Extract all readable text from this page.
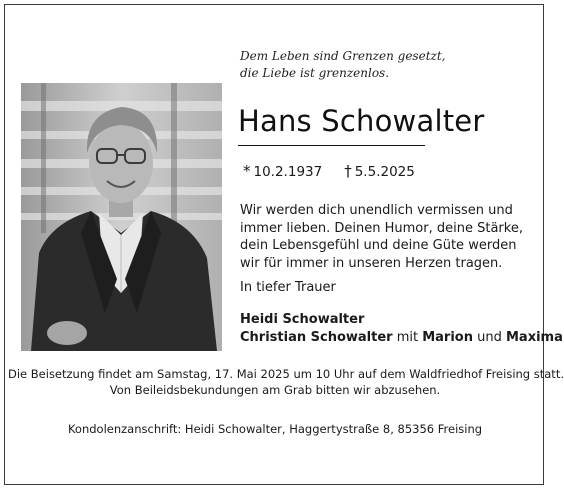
Dem Leben sind Grenzen gesetzt,
die Liebe ist grenzenlos.
Hans Schowalter
* 10.2.1937 † 5.5.2025
Wir werden dich unendlich vermissen und immer lieben. Deinen Humor, deine Stärke, dein Lebensgefühl und deine Güte werden wir für immer in unseren Herzen tragen.
In tiefer Trauer
Heidi Schowalter
Christian Schowalter mit Marion und Maxima
Die Beisetzung findet am Samstag, 17. Mai 2025 um 10 Uhr auf dem Waldfriedhof Freising statt.
Von Beileidsbekundungen am Grab bitten wir abzusehen.
Kondolenzanschrift: Heidi Schowalter, Haggertystraße 8, 85356 Freising
